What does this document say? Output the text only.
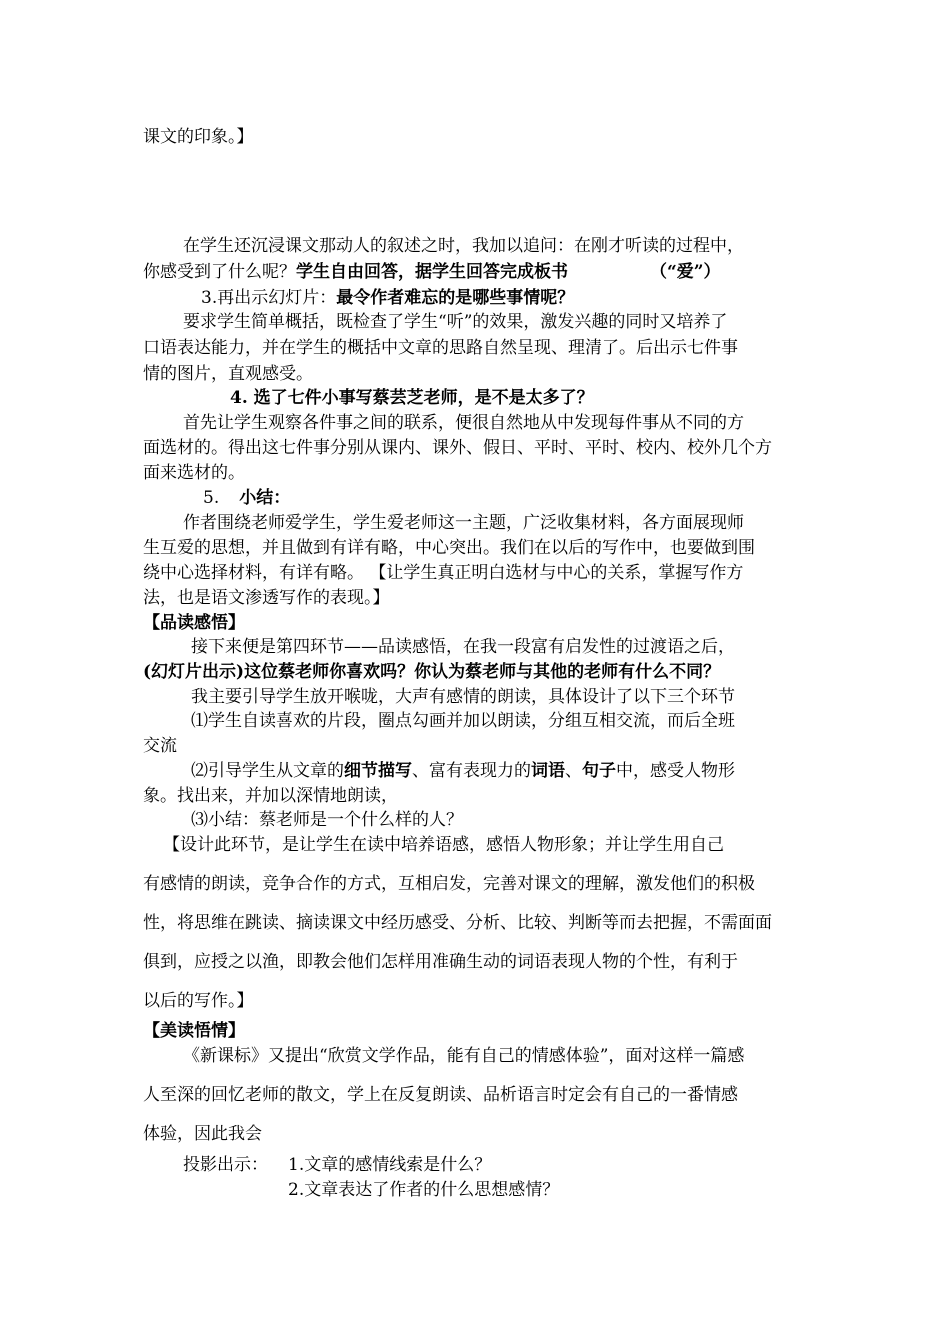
课文的印象。】
在学生还沉浸课文那动人的叙述之时，我加以追问：在刚才听读的过程中，
你感受到了什么呢？学生自由回答，据学生回答完成板书	（“爱”）
3.再出示幻灯片：最令作者难忘的是哪些事情呢？
要求学生简单概括，既检查了学生“听”的效果，激发兴趣的同时又培养了
口语表达能力，并在学生的概括中文章的思路自然呈现、理清了。后出示七件事
情的图片，直观感受。
4. 选了七件小事写蔡芸芝老师，是不是太多了？
首先让学生观察各件事之间的联系，便很自然地从中发现每件事从不同的方
面选材的。得出这七件事分别从课内、课外、假日、平时、平时、校内、校外几个方
面来选材的。
5. 小结：
作者围绕老师爱学生，学生爱老师这一主题，广泛收集材料，各方面展现师
生互爱的思想，并且做到有详有略，中心突出。我们在以后的写作中，也要做到围
绕中心选择材料，有详有略。 【让学生真正明白选材与中心的关系，掌握写作方
法，也是语文渗透写作的表现。】
【品读感悟】
接下来便是第四环节——品读感悟，在我一段富有启发性的过渡语之后，
(幻灯片出示)这位蔡老师你喜欢吗？你认为蔡老师与其他的老师有什么不同？
我主要引导学生放开喉咙，大声有感情的朗读，具体设计了以下三个环节
⑴学生自读喜欢的片段，圈点勾画并加以朗读，分组互相交流，而后全班
交流
⑵引导学生从文章的细节描写、富有表现力的词语、句子中，感受人物形
象。找出来，并加以深情地朗读，
⑶小结：蔡老师是一个什么样的人？
【设计此环节，是让学生在读中培养语感，感悟人物形象；并让学生用自己
有感情的朗读，竞争合作的方式，互相启发，完善对课文的理解，激发他们的积极
性，将思维在跳读、摘读课文中经历感受、分析、比较、判断等而去把握，不需面面
俱到，应授之以渔，即教会他们怎样用准确生动的词语表现人物的个性，有利于
以后的写作。】
【美读悟情】
《新课标》又提出“欣赏文学作品，能有自己的情感体验”，面对这样一篇感
人至深的回忆老师的散文，学上在反复朗读、品析语言时定会有自己的一番情感
体验，因此我会
投影出示： 1.文章的感情线索是什么？
2.文章表达了作者的什么思想感情？
